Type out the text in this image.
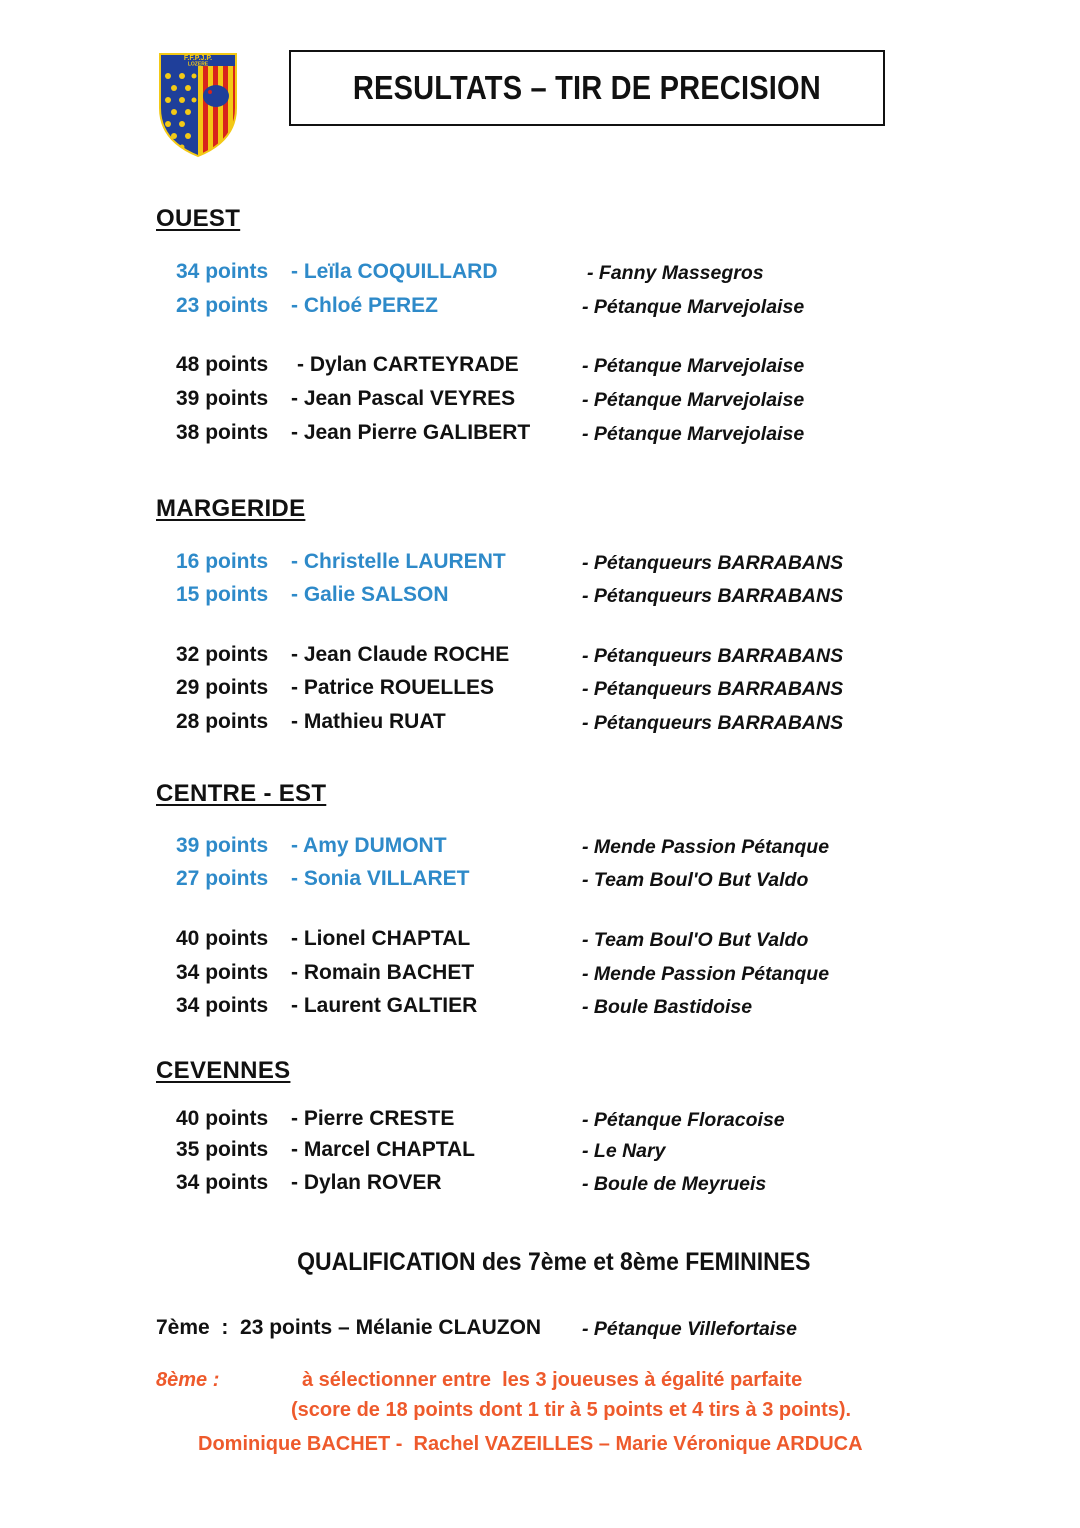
F.F.P.J.P.
LOZERE
RESULTATS – TIR DE PRECISION
OUEST
34 points - Leïla COQUILLARD	- Fanny Massegros
23 points - Chloé PEREZ	- Pétanque Marvejolaise
48 points - Dylan CARTEYRADE	- Pétanque Marvejolaise
39 points - Jean Pascal VEYRES	- Pétanque Marvejolaise
38 points - Jean Pierre GALIBERT	- Pétanque Marvejolaise
MARGERIDE
16 points - Christelle LAURENT	- Pétanqueurs BARRABANS
15 points - Galie SALSON	- Pétanqueurs BARRABANS
32 points - Jean Claude ROCHE	- Pétanqueurs BARRABANS
29 points - Patrice ROUELLES	- Pétanqueurs BARRABANS
28 points - Mathieu RUAT	- Pétanqueurs BARRABANS
CENTRE - EST
39 points - Amy DUMONT	- Mende Passion Pétanque
27 points - Sonia VILLARET	- Team Boul'O But Valdo
40 points - Lionel CHAPTAL	- Team Boul'O But Valdo
34 points - Romain BACHET	- Mende Passion Pétanque
34 points - Laurent GALTIER	- Boule Bastidoise
CEVENNES
40 points - Pierre CRESTE	- Pétanque Floracoise
35 points - Marcel CHAPTAL	- Le Nary
34 points - Dylan ROVER	- Boule de Meyrueis
QUALIFICATION des 7ème et 8ème FEMININES
7ème  :  23 points – Mélanie CLAUZON - Pétanque Villefortaise
8ème :	à sélectionner entre  les 3 joueuses à égalité parfaite
(score de 18 points dont 1 tir à 5 points et 4 tirs à 3 points).
Dominique BACHET -  Rachel VAZEILLES – Marie Véronique ARDUCA
